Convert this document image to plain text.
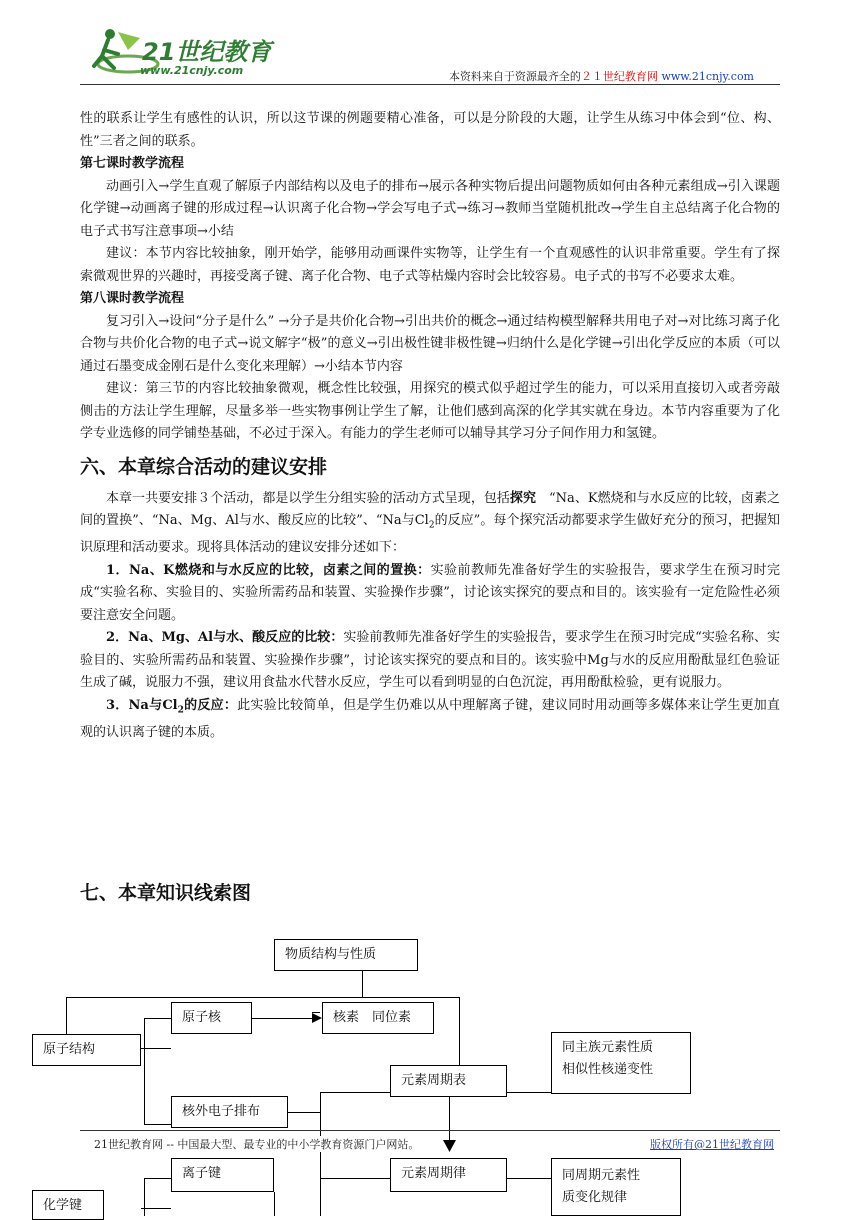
21世纪教育
www.21cnjy.com	本资料来自于资源最齐全的２１世纪教育网 www.21cnjy.com

性的联系让学生有感性的认识，所以这节课的例题要精心准备，可以是分阶段的大题，让学生从练习中体会到“位、构、性”三者之间的联系。

第七课时教学流程

动画引入→学生直观了解原子内部结构以及电子的排布→展示各种实物后提出问题物质如何由各种元素组成→引入课题化学键→动画离子键的形成过程→认识离子化合物→学会写电子式→练习→教师当堂随机批改→学生自主总结离子化合物的电子式书写注意事项→小结

建议：本节内容比较抽象，刚开始学，能够用动画课件实物等，让学生有一个直观感性的认识非常重要。学生有了探索微观世界的兴趣时，再接受离子键、离子化合物、电子式等枯燥内容时会比较容易。电子式的书写不必要求太难。

第八课时教学流程

复习引入→设问“分子是什么” →分子是共价化合物→引出共价的概念→通过结构模型解释共用电子对→对比练习离子化合物与共价化合物的电子式→说文解字“极”的意义→引出极性键非极性键→归纳什么是化学键→引出化学反应的本质（可以通过石墨变成金刚石是什么变化来理解）→小结本节内容

建议：第三节的内容比较抽象微观，概念性比较强，用探究的模式似乎超过学生的能力，可以采用直接切入或者旁敲侧击的方法让学生理解，尽量多举一些实物事例让学生了解，让他们感到高深的化学其实就在身边。本节内容重要为了化学专业选修的同学铺垫基础，不必过于深入。有能力的学生老师可以辅导其学习分子间作用力和氢键。

六、本章综合活动的建议安排

本章一共要安排３个活动，都是以学生分组实验的活动方式呈现，包括探究　 “Na、K燃烧和与水反应的比较，卤素之间的置换”、“Na、Mg、Al与水、酸反应的比较”、“Na与$Cl_2$的反应”。每个探究活动都要求学生做好充分的预习，把握知识原理和活动要求。现将具体活动的建议安排分述如下：

1．Na、K燃烧和与水反应的比较，卤素之间的置换：实验前教师先准备好学生的实验报告，要求学生在预习时完成“实验名称、实验目的、实验所需药品和装置、实验操作步骤”，讨论该实探究的要点和目的。该实验有一定危险性必须要注意安全问题。

2．Na、Mg、Al与水、酸反应的比较：实验前教师先准备好学生的实验报告，要求学生在预习时完成“实验名称、实验目的、实验所需药品和装置、实验操作步骤”，讨论该实探究的要点和目的。该实验中Mg与水的反应用酚酞显红色验证生成了碱，说服力不强，建议用食盐水代替水反应，学生可以看到明显的白色沉淀，再用酚酞检验，更有说服力。

3．Na与$Cl_2$的反应：此实验比较简单，但是学生仍难以从中理解离子键，建议同时用动画等多媒体来让学生更加直观的认识离子键的本质。

七、本章知识线索图
物质结构与性质
原子核	核素　同位素
原子结构	同主族元素性质
相似性核递变性
元素周期表
核外电子排布
离子键	元素周期律	同周期元素性
质变化规律
化学键
21世纪教育网 -- 中国最大型、最专业的中小学教育资源门户网站。	版权所有@21世纪教育网
